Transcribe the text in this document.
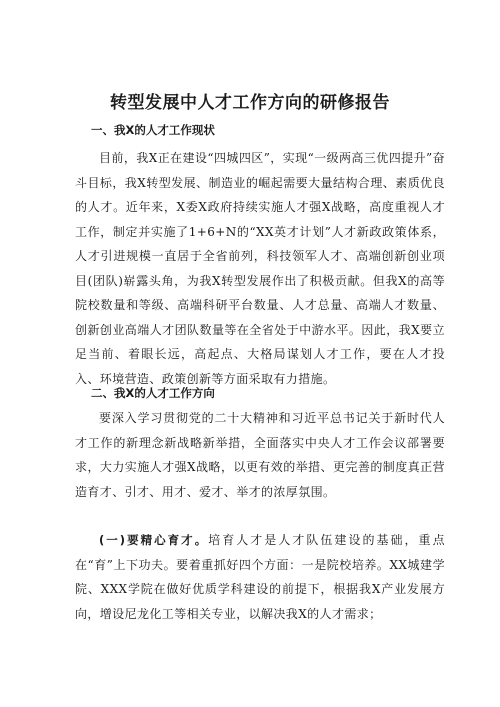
转型发展中人才工作方向的研修报告
一、我X的人才工作现状

目前，我X正在建设“四城四区”，实现“一级两高三优四提升”奋斗目标，我X转型发展、制造业的崛起需要大量结构合理、素质优良的人才。近年来，X委X政府持续实施人才强X战略，高度重视人才工作，制定并实施了1+6+N的“XX英才计划”人才新政政策体系，人才引进规模一直居于全省前列，科技领军人才、高端创新创业项目(团队)崭露头角，为我X转型发展作出了积极贡献。但我X的高等院校数量和等级、高端科研平台数量、人才总量、高端人才数量、创新创业高端人才团队数量等在全省处于中游水平。因此，我X要立足当前、着眼长远，高起点、大格局谋划人才工作，要在人才投入、环境营造、政策创新等方面采取有力措施。

二、我X的人才工作方向

要深入学习贯彻党的二十大精神和习近平总书记关于新时代人才工作的新理念新战略新举措，全面落实中央人才工作会议部署要求，大力实施人才强X战略，以更有效的举措、更完善的制度真正营造育才、引才、用才、爱才、举才的浓厚氛围。

(一)要精心育才。培育人才是人才队伍建设的基础，重点在“育”上下功夫。要着重抓好四个方面：一是院校培养。XX城建学院、XXX学院在做好优质学科建设的前提下，根据我X产业发展方向，增设尼龙化工等相关专业，以解决我X的人才需求；
